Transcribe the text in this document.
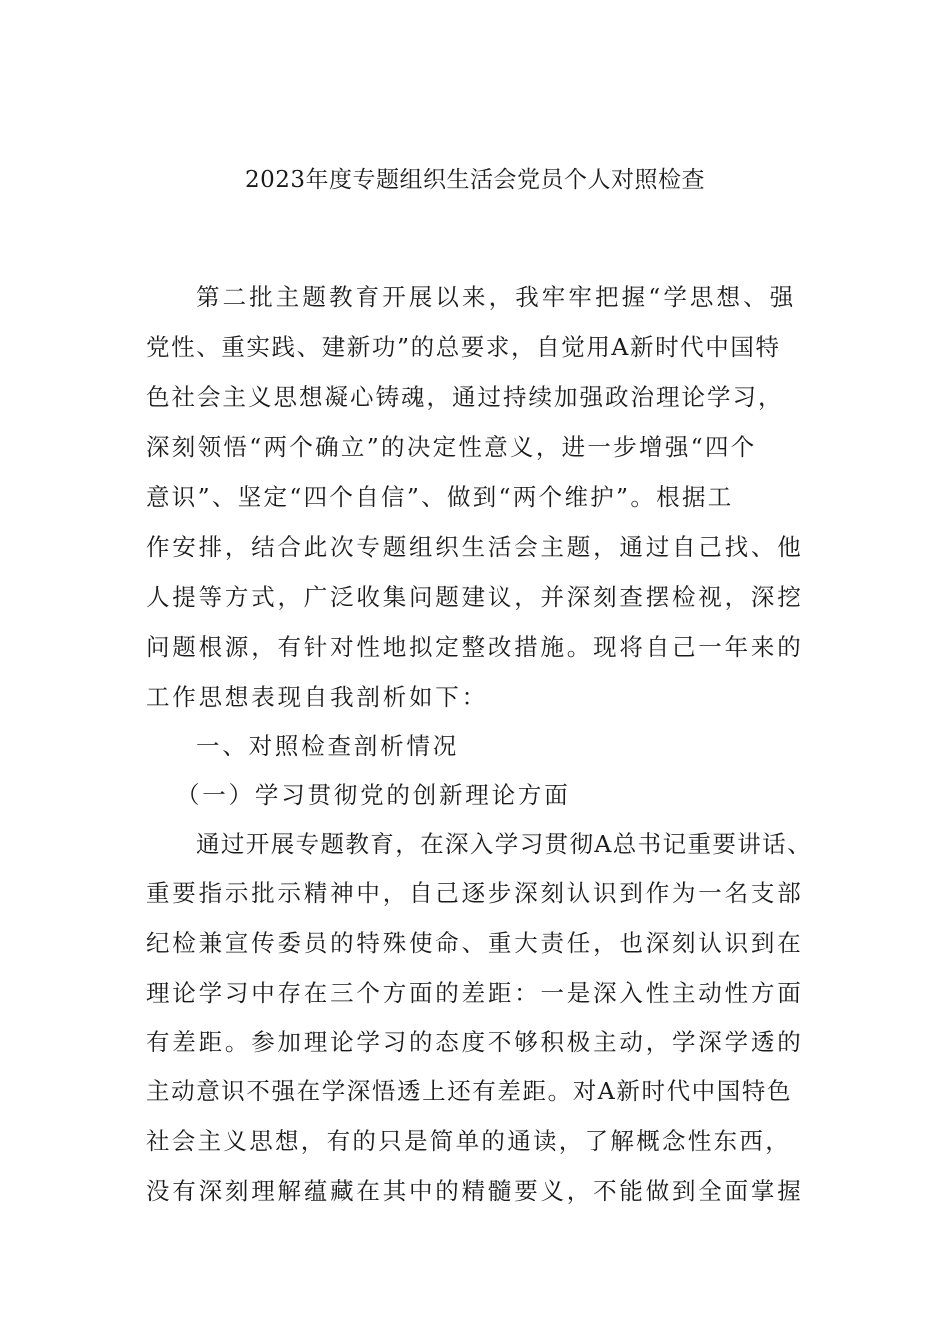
2023年度专题组织生活会党员个人对照检查
第二批主题教育开展以来，我牢牢把握“学思想、强
党性、重实践、建新功”的总要求，自觉用A新时代中国特
色社会主义思想凝心铸魂，通过持续加强政治理论学习，
深刻领悟“两个确立”的决定性意义，进一步增强“四个
意识”、坚定“四个自信”、做到“两个维护”。根据工
作安排，结合此次专题组织生活会主题，通过自己找、他
人提等方式，广泛收集问题建议，并深刻查摆检视，深挖
问题根源，有针对性地拟定整改措施。现将自己一年来的
工作思想表现自我剖析如下：
一、对照检查剖析情况
（一）学习贯彻党的创新理论方面
通过开展专题教育，在深入学习贯彻A总书记重要讲话、
重要指示批示精神中，自己逐步深刻认识到作为一名支部
纪检兼宣传委员的特殊使命、重大责任，也深刻认识到在
理论学习中存在三个方面的差距：一是深入性主动性方面
有差距。参加理论学习的态度不够积极主动，学深学透的
主动意识不强在学深悟透上还有差距。对A新时代中国特色
社会主义思想，有的只是简单的通读，了解概念性东西，
没有深刻理解蕴藏在其中的精髓要义，不能做到全面掌握
